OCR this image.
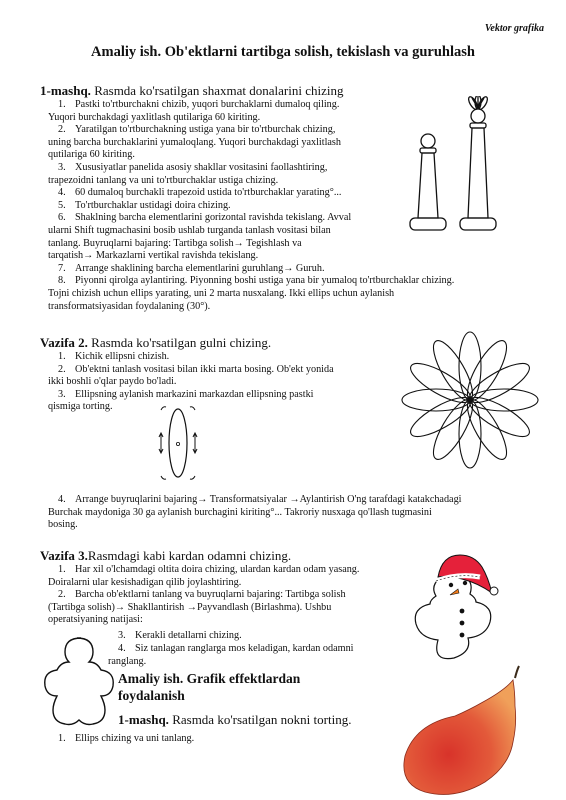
Vektor grafika
Amaliy ish. Ob'ektlarni tartibga solish, tekislash va guruhlash
1-mashq. Rasmda ko'rsatilgan shaxmat donalarini chizing

1. Pastki to'rtburchakni chizib, yuqori burchaklarni dumaloq qiling.

Yuqori burchakdagi yaxlitlash qutilariga 60 kiriting.

2. Yaratilgan to'rtburchakning ustiga yana bir to'rtburchak chizing,

uning barcha burchaklarini yumaloqlang. Yuqori burchakdagi yaxlitlash

qutilariga 60 kiriting.

3. Xususiyatlar panelida asosiy shakllar vositasini faollashtiring,

trapezoidni tanlang va uni to'rtburchaklar ustiga chizing.

4. 60 dumaloq burchakli trapezoid ustida to'rtburchaklar yarating°...

5. To'rtburchaklar ustidagi doira chizing.

6. Shaklning barcha elementlarini gorizontal ravishda tekislang. Avval

ularni Shift tugmachasini bosib ushlab turganda tanlash vositasi bilan

tanlang. Buyruqlarni bajaring: Tartibga solish→ Tegishlash va

tarqatish→ Markazlarni vertikal ravishda tekislang.

7. Arrange shaklining barcha elementlarini guruhlang→ Guruh.

8. Piyonni qirolga aylantiring. Piyonning boshi ustiga yana bir yumaloq to'rtburchaklar chizing.

Tojni chizish uchun ellips yarating, uni 2 marta nusxalang. Ikki ellips uchun aylanish

transformatsiyasidan foydalaning (30°).

Vazifa 2. Rasmda ko'rsatilgan gulni chizing.

1. Kichik ellipsni chizish.

2. Ob'ektni tanlash vositasi bilan ikki marta bosing. Ob'ekt yonida

ikki boshli o'qlar paydo bo'ladi.

3. Ellipsning aylanish markazini markazdan ellipsning pastki

qismiga torting.

4. Arrange buyruqlarini bajaring→ Transformatsiyalar →Aylantirish O'ng tarafdagi katakchadagi

Burchak maydoniga 30 ga aylanish burchagini kiriting°... Takroriy nusxaga qo'llash tugmasini

bosing.

Vazifa 3.Rasmdagi kabi kardan odamni chizing.

1. Har xil o'lchamdagi oltita doira chizing, ulardan kardan odam yasang.

Doiralarni ular kesishadigan qilib joylashtiring.

2. Barcha ob'ektlarni tanlang va buyruqlarni bajaring: Tartibga solish

(Tartibga solish)→ Shakllantirish →Payvandlash (Birlashma). Ushbu

operatsiyaning natijasi:

3. Kerakli detallarni chizing.

4. Siz tanlagan ranglarga mos keladigan, kardan odamni

ranglang.

Amaliy ish. Grafik effektlardan
foydalanish
1-mashq. Rasmda ko'rsatilgan nokni torting.

1. Ellips chizing va uni tanlang.
